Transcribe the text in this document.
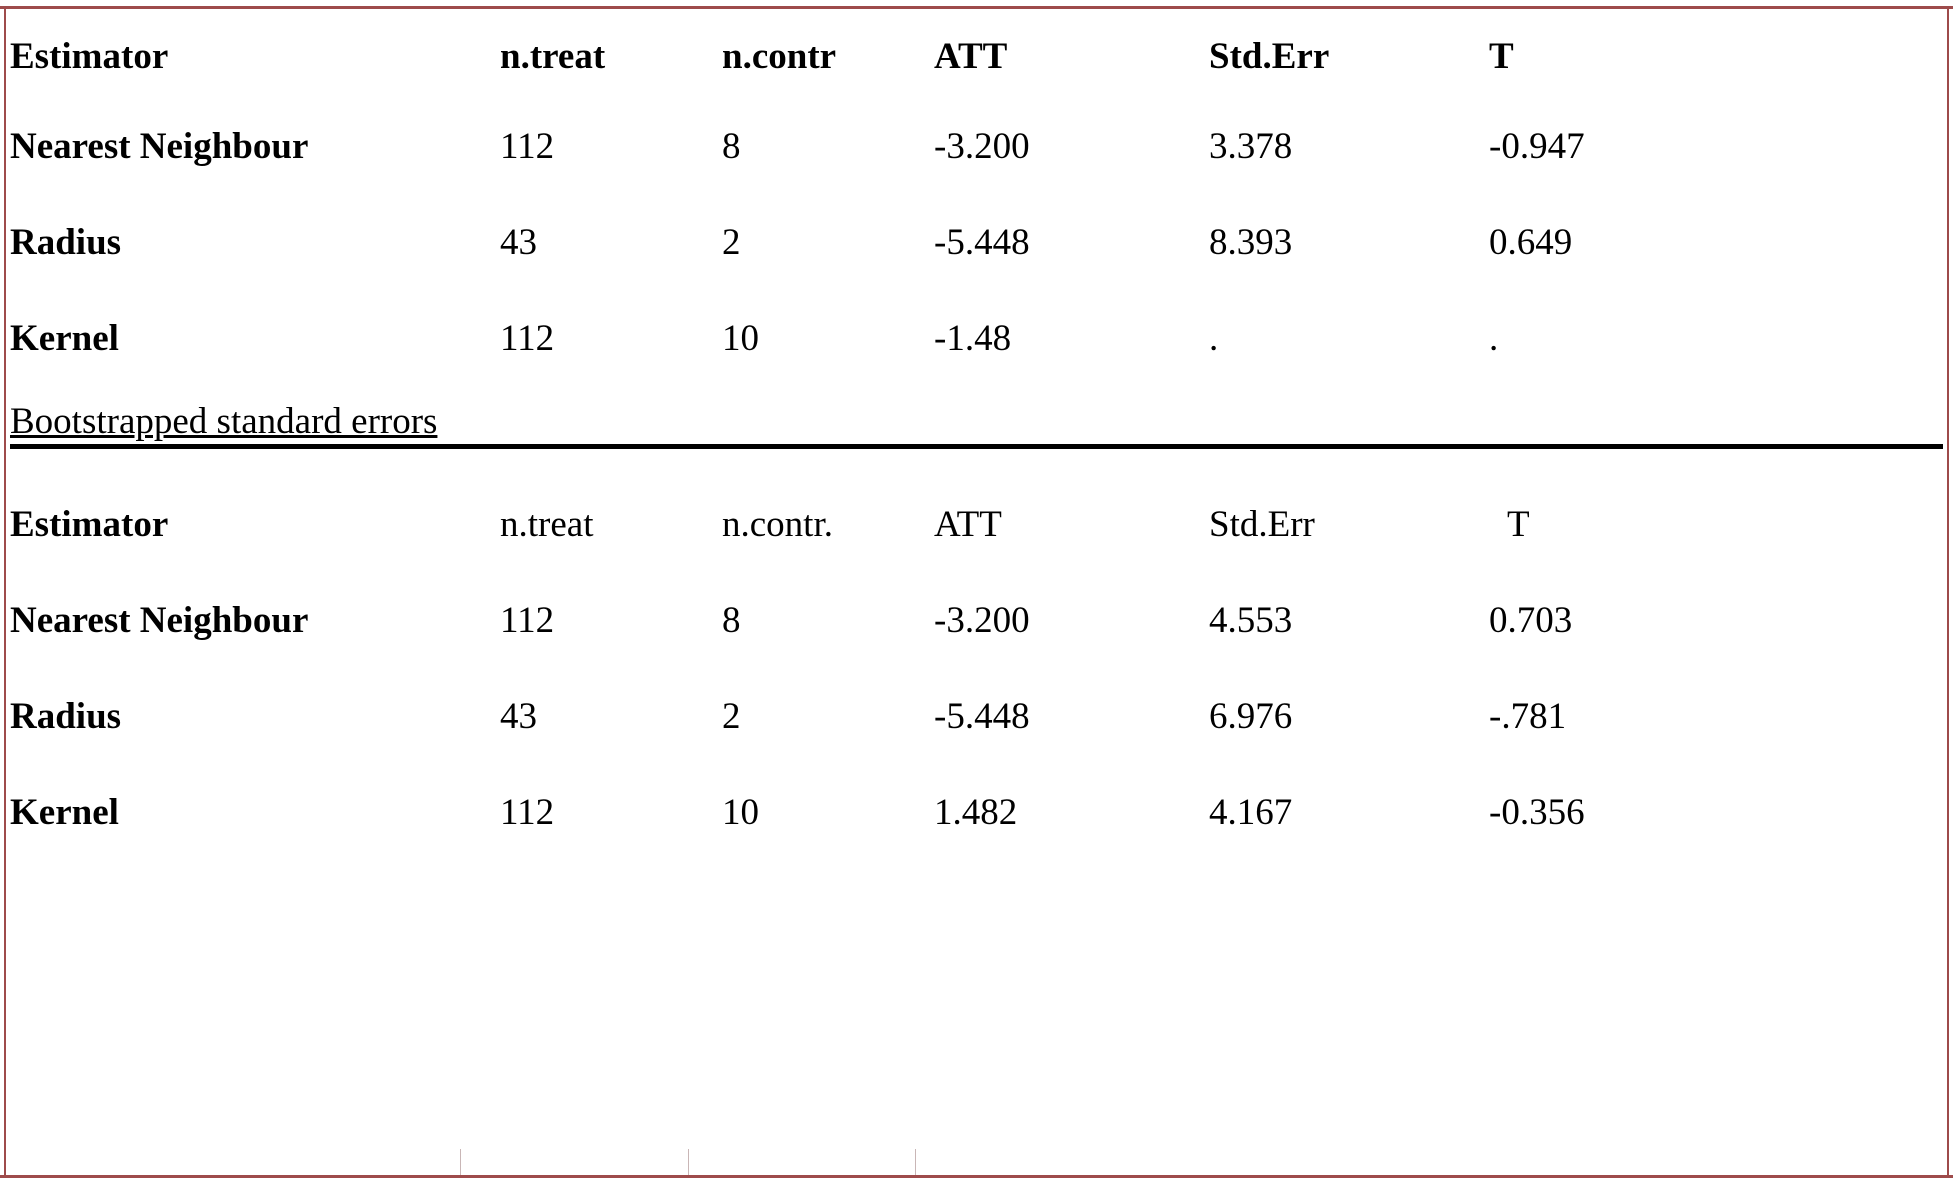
Estimator	n.treat	n.contr	ATT	Std.Err	T
Nearest Neighbour	112	8	-3.200	3.378	-0.947
Radius	43	2	-5.448	8.393	0.649
Kernel	112	10	-1.48	.	.
Bootstrapped standard errors
Estimator	n.treat	n.contr.	ATT	Std.Err	T
Nearest Neighbour	112	8	-3.200	4.553	0.703
Radius	43	2	-5.448	6.976	-.781
Kernel	112	10	1.482	4.167	-0.356
